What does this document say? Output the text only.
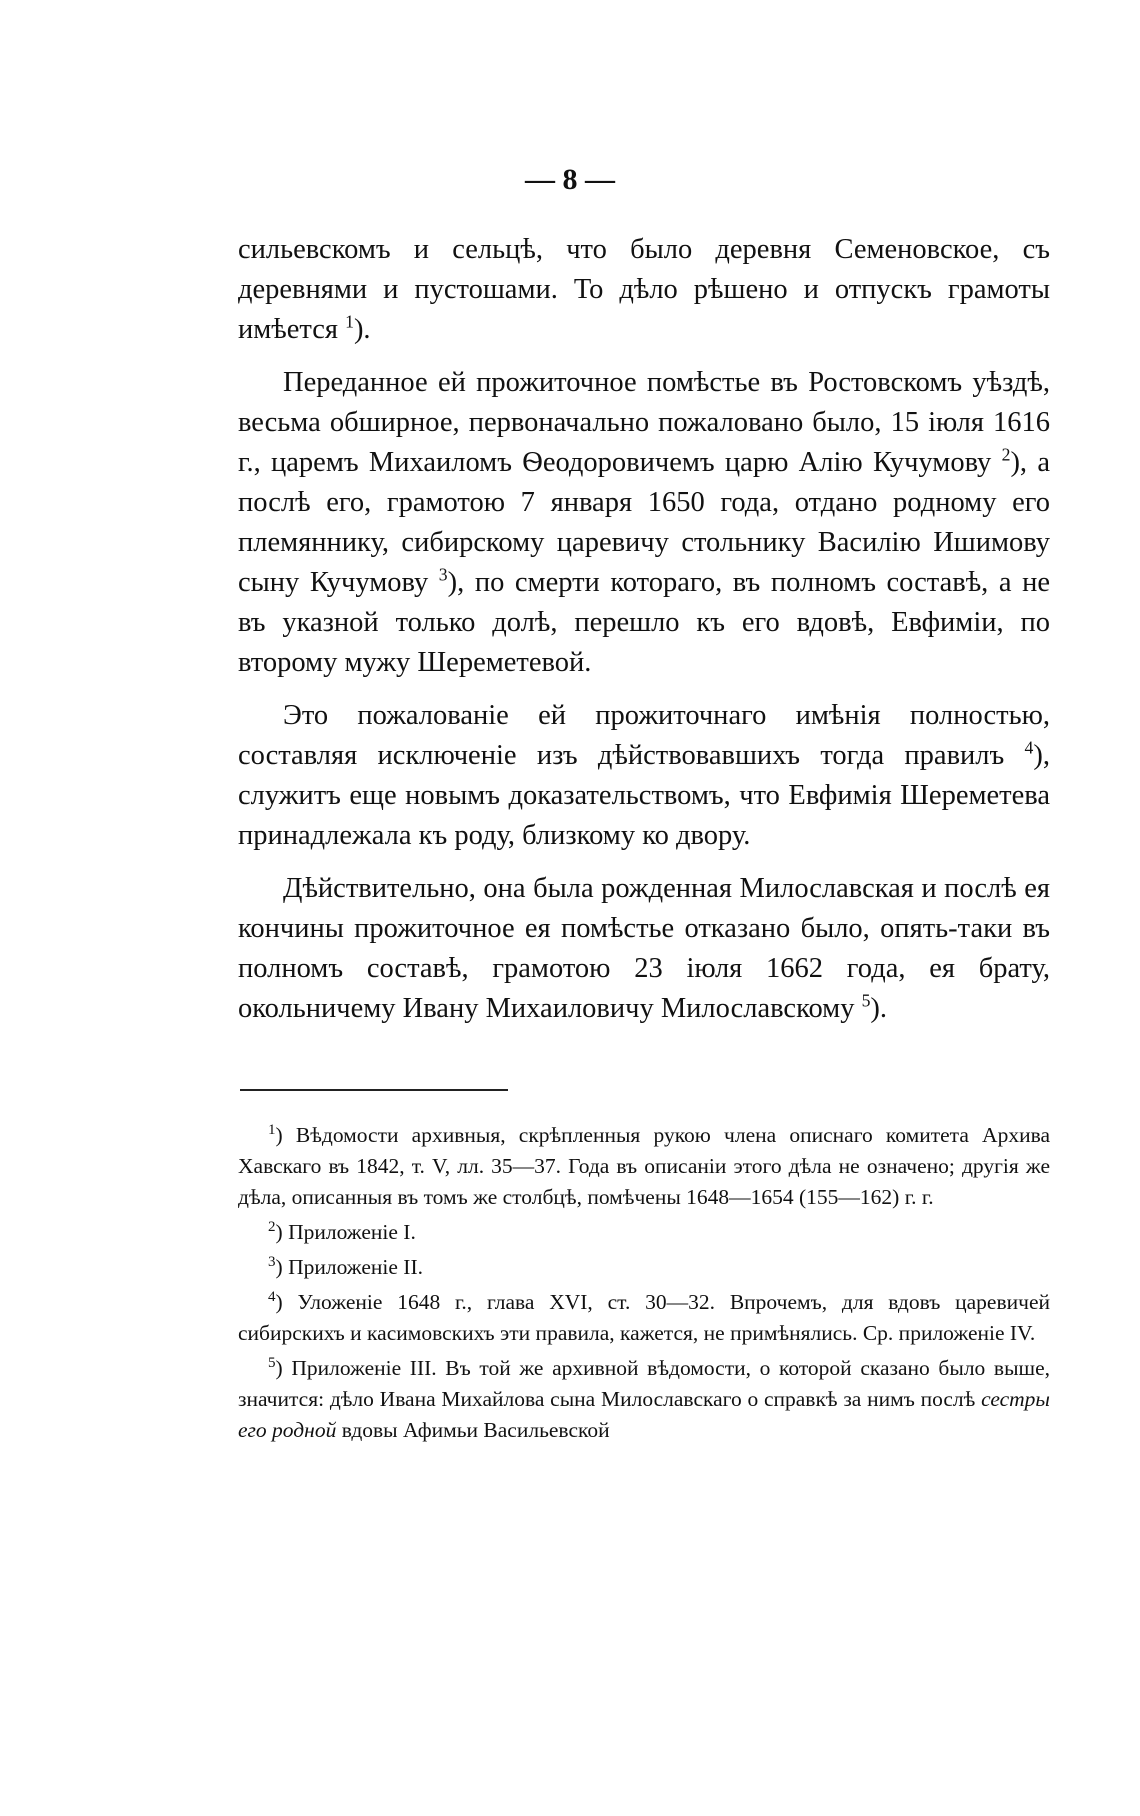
— 8 —

сильевскомъ и сельцѣ, что было деревня Семеновское, съ деревнями и пустошами. То дѣло рѣшено и отпускъ грамоты имѣется $^1$).

Переданное ей прожиточное помѣстье въ Ростовскомъ уѣздѣ, весьма обширное, первоначально пожаловано было, 15 іюля 1616 г., царемъ Михаиломъ Ѳеодоровичемъ царю Алію Кучумову $^2$), а послѣ его, грамотою 7 января 1650 года, отдано родному его племяннику, сибирскому царевичу стольнику Василію Ишимову сыну Кучумову $^3$), по смерти котораго, въ полномъ составѣ, а не въ указной только долѣ, перешло къ его вдовѣ, Евфиміи, по второму мужу Шереметевой.

Это пожалованіе ей прожиточнаго имѣнія полностью, составляя исключеніе изъ дѣйствовавшихъ тогда правилъ $^4$), служитъ еще новымъ доказательствомъ, что Евфимія Шереметева принадлежала къ роду, близкому ко двору.

Дѣйствительно, она была рожденная Милославская и послѣ ея кончины прожиточное ея помѣстье отказано было, опять-таки въ полномъ составѣ, грамотою 23 іюля 1662 года, ея брату, окольничему Ивану Михаиловичу Милославскому $^5$).

$^1$) Вѣдомости архивныя, скрѣпленныя рукою члена описнаго комитета Архива Хавскаго въ 1842, т. V, лл. 35—37. Года въ описаніи этого дѣла не означено; другія же дѣла, описанныя въ томъ же столбцѣ, помѣчены 1648—1654 (155—162) г. г.

$^2$) Приложеніе I.

$^3$) Приложеніе II.

$^4$) Уложеніе 1648 г., глава XVI, ст. 30—32. Впрочемъ, для вдовъ царевичей сибирскихъ и касимовскихъ эти правила, кажется, не примѣнялись. Ср. приложеніе IV.

$^5$) Приложеніе III. Въ той же архивной вѣдомости, о которой сказано было выше, значится: дѣло Ивана Михайлова сына Милославскаго о справкѣ за нимъ послѣ сестры его родной вдовы Афимьи Васильевской
